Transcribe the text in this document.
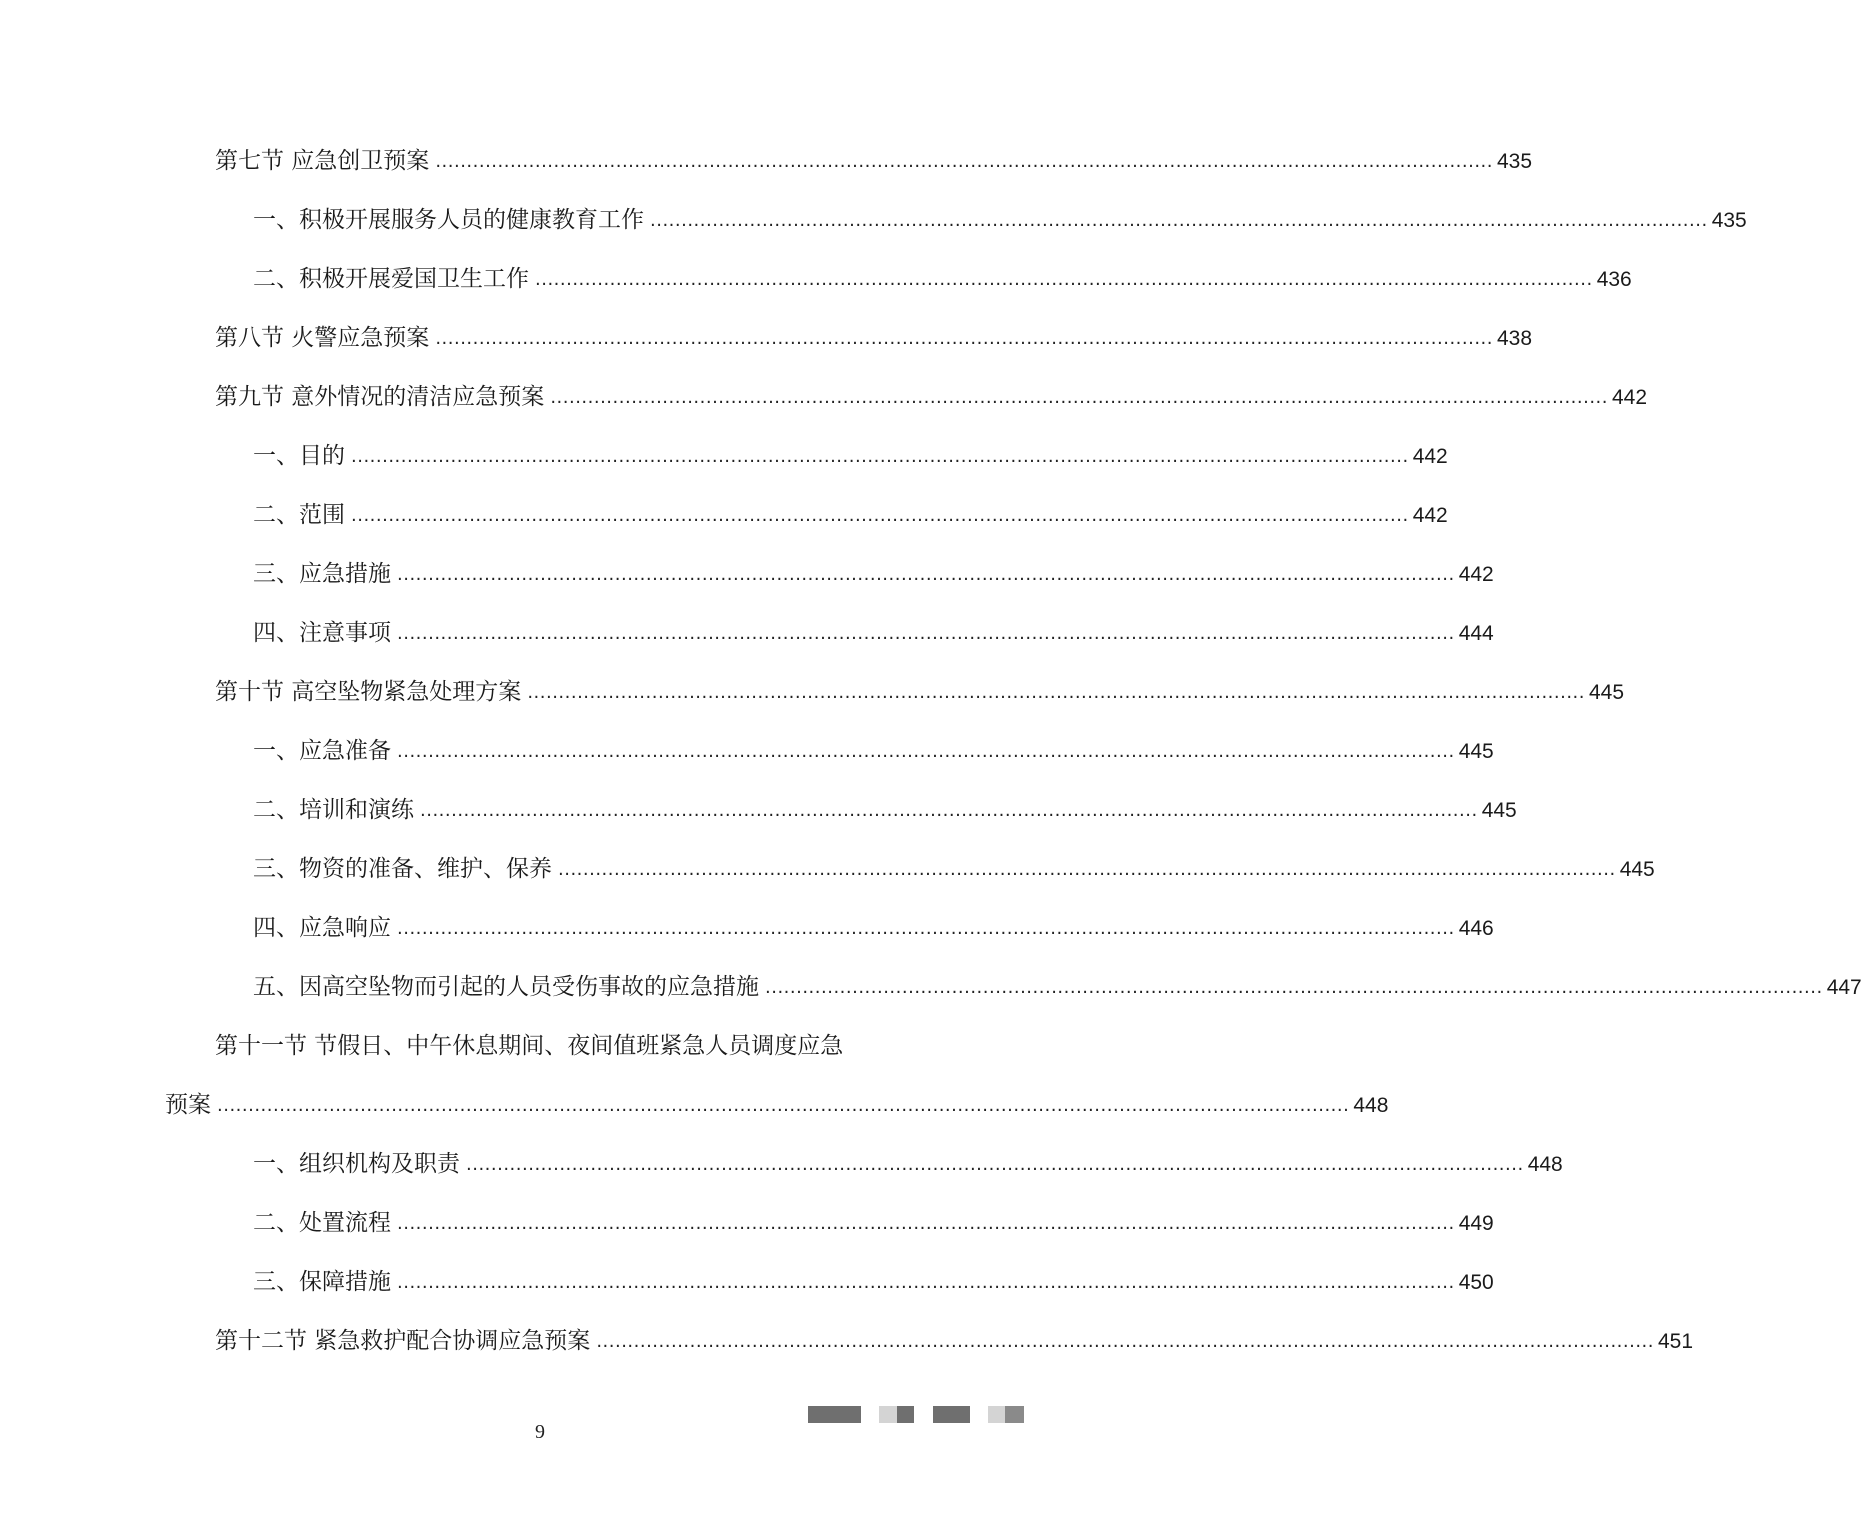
第七节 应急创卫预案 .......................................................................................................................................................................... 435
一、积极开展服务人员的健康教育工作 .......................................................................................................................................................................... 435
二、积极开展爱国卫生工作 .......................................................................................................................................................................... 436
第八节 火警应急预案 .......................................................................................................................................................................... 438
第九节 意外情况的清洁应急预案 .......................................................................................................................................................................... 442
一、目的 .......................................................................................................................................................................... 442
二、范围 .......................................................................................................................................................................... 442
三、应急措施 .......................................................................................................................................................................... 442
四、注意事项 .......................................................................................................................................................................... 444
第十节 高空坠物紧急处理方案 .......................................................................................................................................................................... 445
一、应急准备 .......................................................................................................................................................................... 445
二、培训和演练 .......................................................................................................................................................................... 445
三、物资的准备、维护、保养 .......................................................................................................................................................................... 445
四、应急响应 .......................................................................................................................................................................... 446
五、因高空坠物而引起的人员受伤事故的应急措施 .......................................................................................................................................................................... 447
第十一节 节假日、中午休息期间、夜间值班紧急人员调度应急
预案 ...................................................................................................................................................................................... 448
一、组织机构及职责 .......................................................................................................................................................................... 448
二、处置流程 .......................................................................................................................................................................... 449
三、保障措施 .......................................................................................................................................................................... 450
第十二节 紧急救护配合协调应急预案 .......................................................................................................................................................................... 451
9
